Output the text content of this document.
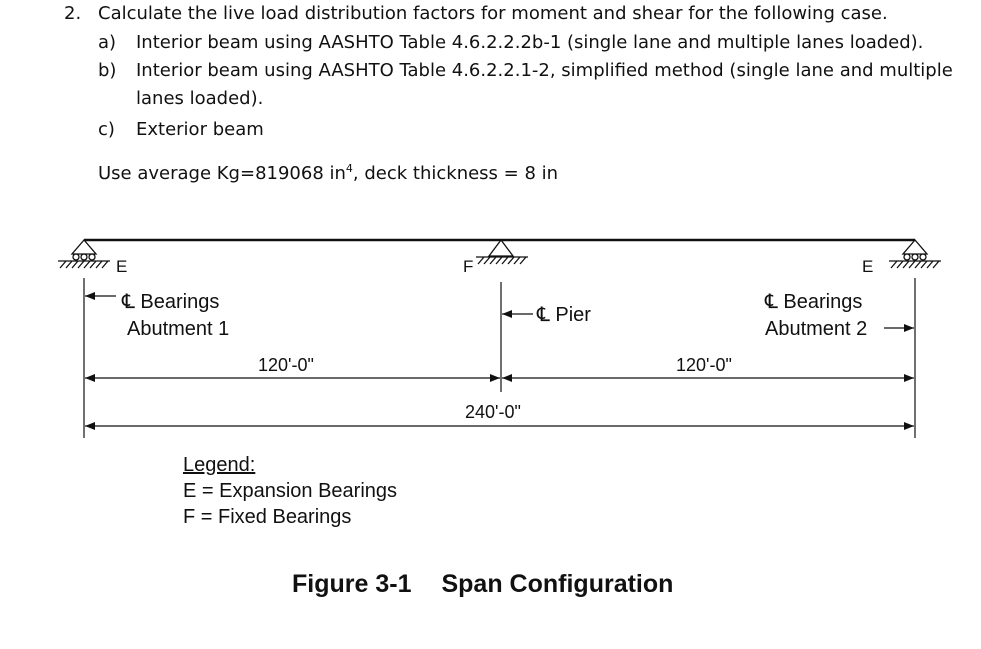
2. Calculate the live load distribution factors for moment and shear for the following case.
a)	Interior beam using AASHTO Table 4.6.2.2.2b-1 (single lane and multiple lanes loaded).
b)	Interior beam using AASHTO Table 4.6.2.2.1-2, simplified method (single lane and multiple
lanes loaded).
c)	Exterior beam
Use average Kg=819068 $in^4$, deck thickness = 8 in
E	F	E
℄ Bearings
Abutment 1
℄ Pier
℄ Bearings
Abutment 2
120'-0"	120'-0"
240'-0"
Legend:
E = Expansion Bearings
F = Fixed Bearings
Figure 3-1 Span Configuration
